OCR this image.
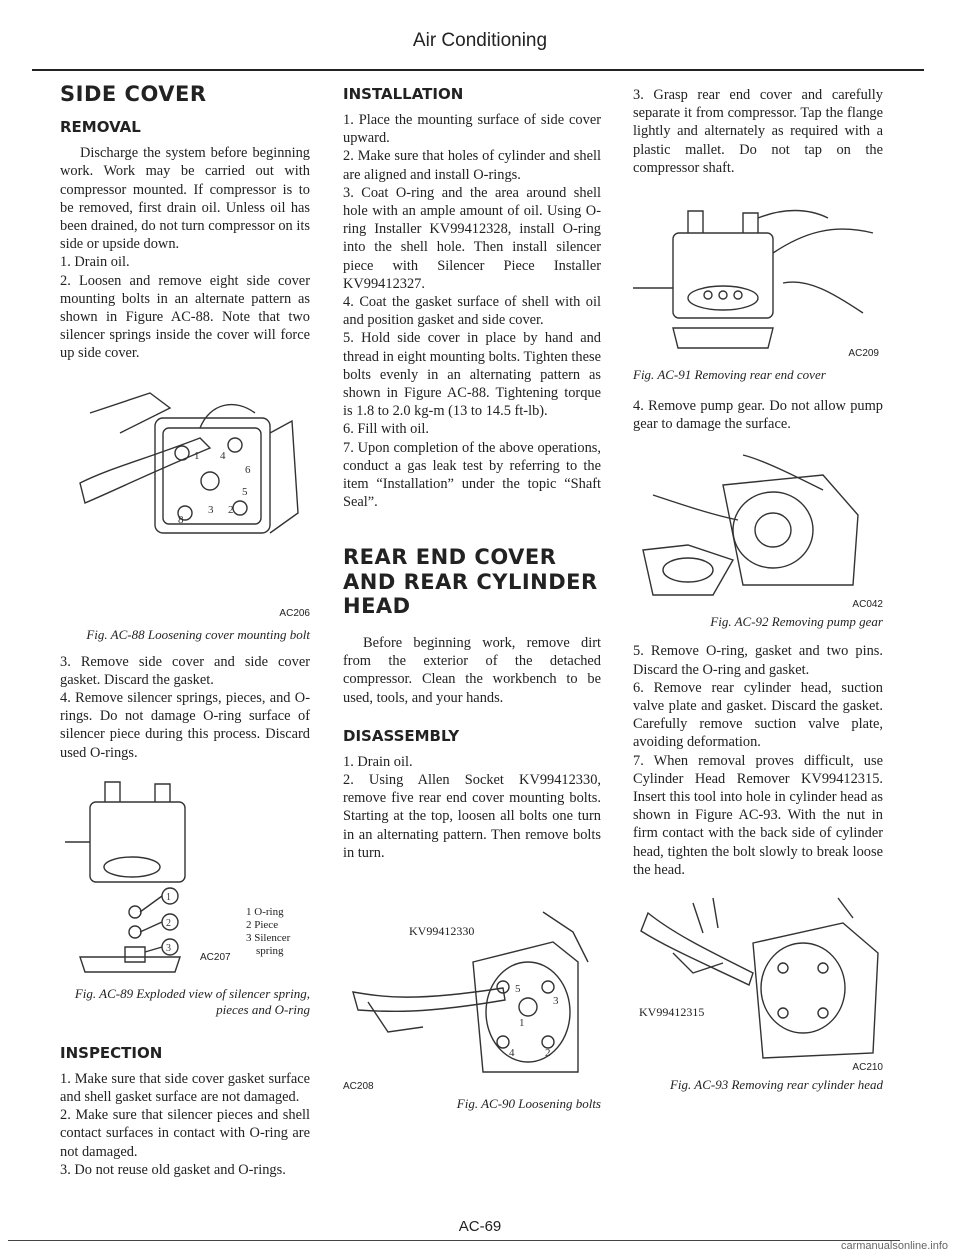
Air Conditioning
SIDE COVER
REMOVAL

Discharge the system before beginning work. Work may be carried out with compressor mounted. If compressor is to be removed, first drain oil. Unless oil has been drained, do not turn compressor on its side or upside down.

1. Drain oil.

2. Loosen and remove eight side cover mounting bolts in an alternate pattern as shown in Figure AC-88. Note that two silencer springs inside the cover will force up side cover.

1 4
8
3 2
5
6
AC206

Fig. AC-88 Loosening cover mounting bolt

3. Remove side cover and side cover gasket. Discard the gasket.

4. Remove silencer springs, pieces, and O-rings. Do not damage O-ring surface of silencer piece during this process. Discard used O-rings.

1
2
3
1 O-ring
2 Piece
3 Silencer
spring
AC207

Fig. AC-89 Exploded view of silencer spring, pieces and O-ring

INSPECTION

1. Make sure that side cover gasket surface and shell gasket surface are not damaged.

2. Make sure that silencer pieces and shell contact surfaces in contact with O-ring are not damaged.

3. Do not reuse old gasket and O-rings.

INSTALLATION

1. Place the mounting surface of side cover upward.

2. Make sure that holes of cylinder and shell are aligned and install O-rings.

3. Coat O-ring and the area around shell hole with an ample amount of oil. Using O-ring Installer KV99412328, install O-ring into the shell hole. Then install silencer piece with Silencer Piece Installer KV99412327.

4. Coat the gasket surface of shell with oil and position gasket and side cover.

5. Hold side cover in place by hand and thread in eight mounting bolts. Tighten these bolts evenly in an alternating pattern as shown in Figure AC-88. Tightening torque is 1.8 to 2.0 kg-m (13 to 14.5 ft-lb).

6. Fill with oil.

7. Upon completion of the above operations, conduct a gas leak test by referring to the item “Installation” under the topic “Shaft Seal”.

REAR END COVER AND REAR CYLINDER HEAD

Before beginning work, remove dirt from the exterior of the detached compressor. Clean the workbench to be used, tools, and your hands.

DISASSEMBLY

1. Drain oil.

2. Using Allen Socket KV99412330, remove five rear end cover mounting bolts. Starting at the top, loosen all bolts one turn in an alternating pattern. Then remove bolts in turn.

5
3
1
4	2
KV99412330
AC208

Fig. AC-90 Loosening bolts

3. Grasp rear end cover and carefully separate it from compressor. Tap the flange lightly and alternately as required with a plastic mallet. Do not tap on the compressor shaft.

AC209

Fig. AC-91 Removing rear end cover

4. Remove pump gear. Do not allow pump gear to damage the surface.

AC042

Fig. AC-92 Removing pump gear

5. Remove O-ring, gasket and two pins. Discard the O-ring and gasket.

6. Remove rear cylinder head, suction valve plate and gasket. Discard the gasket. Carefully remove suction valve plate, avoiding deformation.

7. When removal proves difficult, use Cylinder Head Remover KV99412315. Insert this tool into hole in cylinder head as shown in Figure AC-93. With the nut in firm contact with the back side of cylinder head, tighten the bolt slowly to break loose the head.

KV99412315
AC210

Fig. AC-93 Removing rear cylinder head

AC-69
carmanualsonline.info
